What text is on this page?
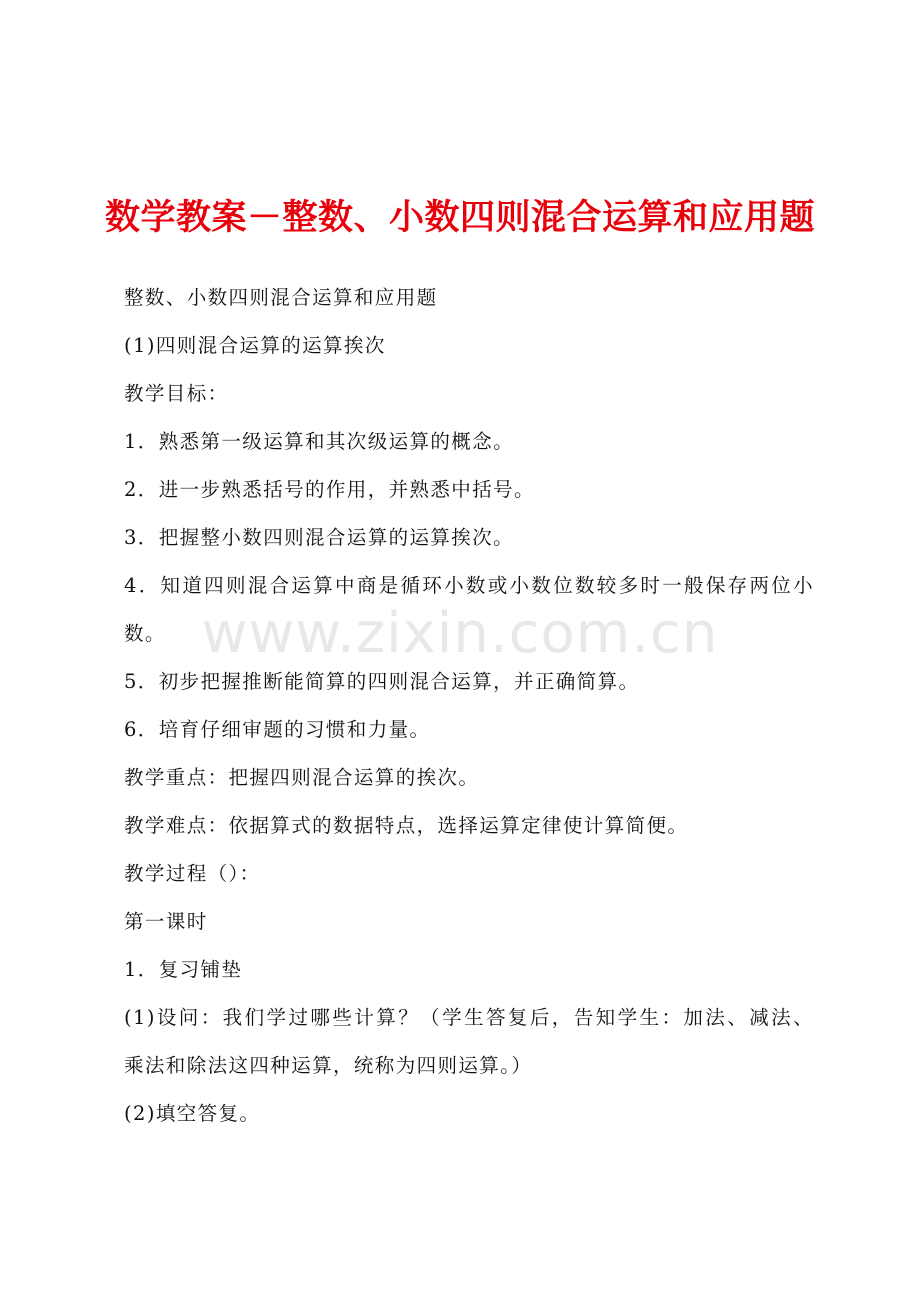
数学教案－整数、小数四则混合运算和应用题
整数、小数四则混合运算和应用题
(1)四则混合运算的运算挨次
教学目标：
1．熟悉第一级运算和其次级运算的概念。
2．进一步熟悉括号的作用，并熟悉中括号。
3．把握整小数四则混合运算的运算挨次。
4．知道四则混合运算中商是循环小数或小数位数较多时一般保存两位小
数。
5．初步把握推断能简算的四则混合运算，并正确简算。
6．培育仔细审题的习惯和力量。
教学重点：把握四则混合运算的挨次。
教学难点：依据算式的数据特点，选择运算定律使计算简便。
教学过程（）：
第一课时
1．复习铺垫
(1)设问：我们学过哪些计算？（学生答复后，告知学生：加法、减法、
乘法和除法这四种运算，统称为四则运算。）
(2)填空答复。
www.zixin.com.cn
